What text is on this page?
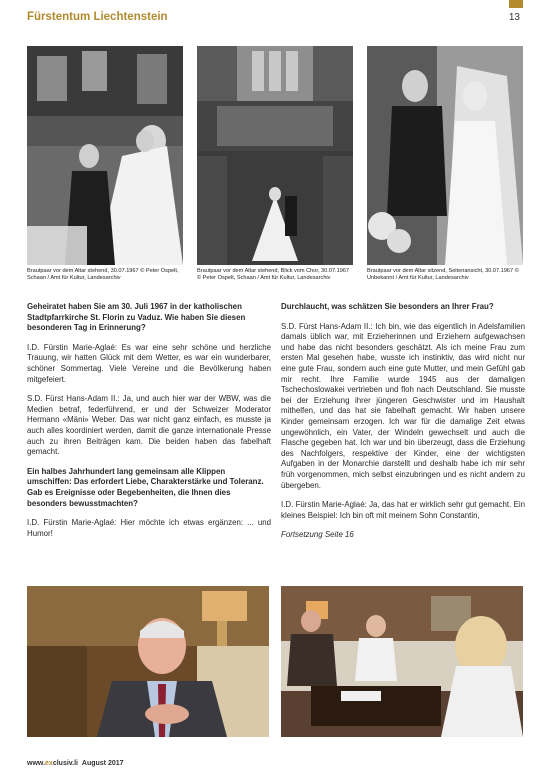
Fürstentum Liechtenstein	13
Brautpaar vor dem Altar stehend, 30.07.1967 © Peter Ospelt, Schaan / Amt für Kultur, Landesarchiv
Brautpaar vor dem Altar stehend, Blick vom Chor, 30.07.1967 © Peter Ospelt, Schaan / Amt für Kultur, Landesarchiv
Brautpaar vor dem Altar sitzend, Seitenansicht, 30.07.1967 © Unbekannt / Amt für Kultur, Landesarchiv

Geheiratet haben Sie am 30. Juli 1967 in der katholischen Stadtpfarrkirche St. Florin zu Vaduz. Wie haben Sie diesen besonderen Tag in Erinnerung?

I.D. Fürstin Marie-Aglaé: Es war eine sehr schöne und herzliche Trauung, wir hatten Glück mit dem Wetter, es war ein wunderbarer, schöner Sommertag. Viele Vereine und die Bevölkerung haben mitgefeiert.

S.D. Fürst Hans-Adam II.: Ja, und auch hier war der WBW, was die Medien betraf, federführend, er und der Schweizer Moderator Hermann «Mäni» Weber. Das war nicht ganz einfach, es musste ja auch alles koordiniert werden, damit die ganze internationale Presse auch zu ihren Beiträgen kam. Die beiden haben das fabelhaft gemacht.

Ein halbes Jahrhundert lang gemeinsam alle Klippen umschiffen: Das erfordert Liebe, Charakterstärke und Toleranz. Gab es Ereignisse oder Begebenheiten, die Ihnen dies besonders bewusstmachten?

I.D. Fürstin Marie-Aglaé: Hier möchte ich etwas ergänzen: ... und Humor!

Durchlaucht, was schätzen Sie besonders an Ihrer Frau?

S.D. Fürst Hans-Adam II.: Ich bin, wie das eigentlich in Adelsfamilien damals üblich war, mit Erzieherinnen und Erziehern aufgewachsen und habe das nicht besonders geschätzt. Als ich meine Frau zum ersten Mal gesehen habe, wusste ich instinktiv, das wird nicht nur eine gute Frau, sondern auch eine gute Mutter, und mein Gefühl gab mir recht. Ihre Familie wurde 1945 aus der damaligen Tschechoslowakei vertrieben und floh nach Deutschland. Sie musste bei der Erziehung ihrer jüngeren Geschwister und im Haushalt mithelfen, und das hat sie fabelhaft gemacht. Wir haben unsere Kinder gemeinsam erzogen. Ich war für die damalige Zeit etwas ungewöhnlich, ein Vater, der Windeln gewechselt und auch die Flasche gegeben hat. Ich war und bin überzeugt, dass die Erziehung des Nachfolgers, respektive der Kinder, eine der wichtigsten Aufgaben in der Monarchie darstellt und deshalb habe ich mir sehr früh vorgenommen, mich selbst einzubringen und es nicht andern zu übergeben.

I.D. Fürstin Marie-Aglaé: Ja, das hat er wirklich sehr gut gemacht. Ein kleines Beispiel: Ich bin oft mit meinem Sohn Constantin,

Fortsetzung Seite 16

www.exclusiv.li August 2017
